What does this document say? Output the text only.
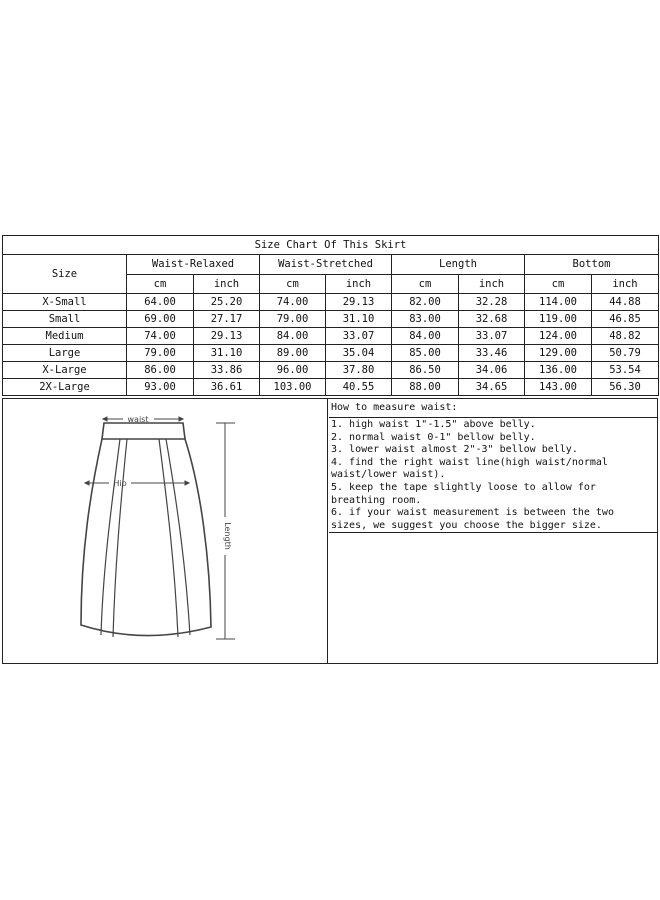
Size Chart Of This Skirt								
Size	Waist-Relaxed		Waist-Stretched		Length		Bottom	
	cm	inch	cm	inch	cm	inch	cm	inch
X-Small	64.00	25.20	74.00	29.13	82.00	32.28	114.00	44.88
Small	69.00	27.17	79.00	31.10	83.00	32.68	119.00	46.85
Medium	74.00	29.13	84.00	33.07	84.00	33.07	124.00	48.82
Large	79.00	31.10	89.00	35.04	85.00	33.46	129.00	50.79
X-Large	86.00	33.86	96.00	37.80	86.50	34.06	136.00	53.54
2X-Large	93.00	36.61	103.00	40.55	88.00	34.65	143.00	56.30
waist
Hip
Length
How to measure waist:
1. high waist 1"-1.5" above belly.
2. normal waist 0-1" bellow belly.
3. lower waist almost 2"-3" bellow belly.
4. find the right waist line(high waist/normal waist/lower waist).
5. keep the tape slightly loose to allow for breathing room.
6. if your waist measurement is between the two sizes, we suggest you choose the bigger size.
